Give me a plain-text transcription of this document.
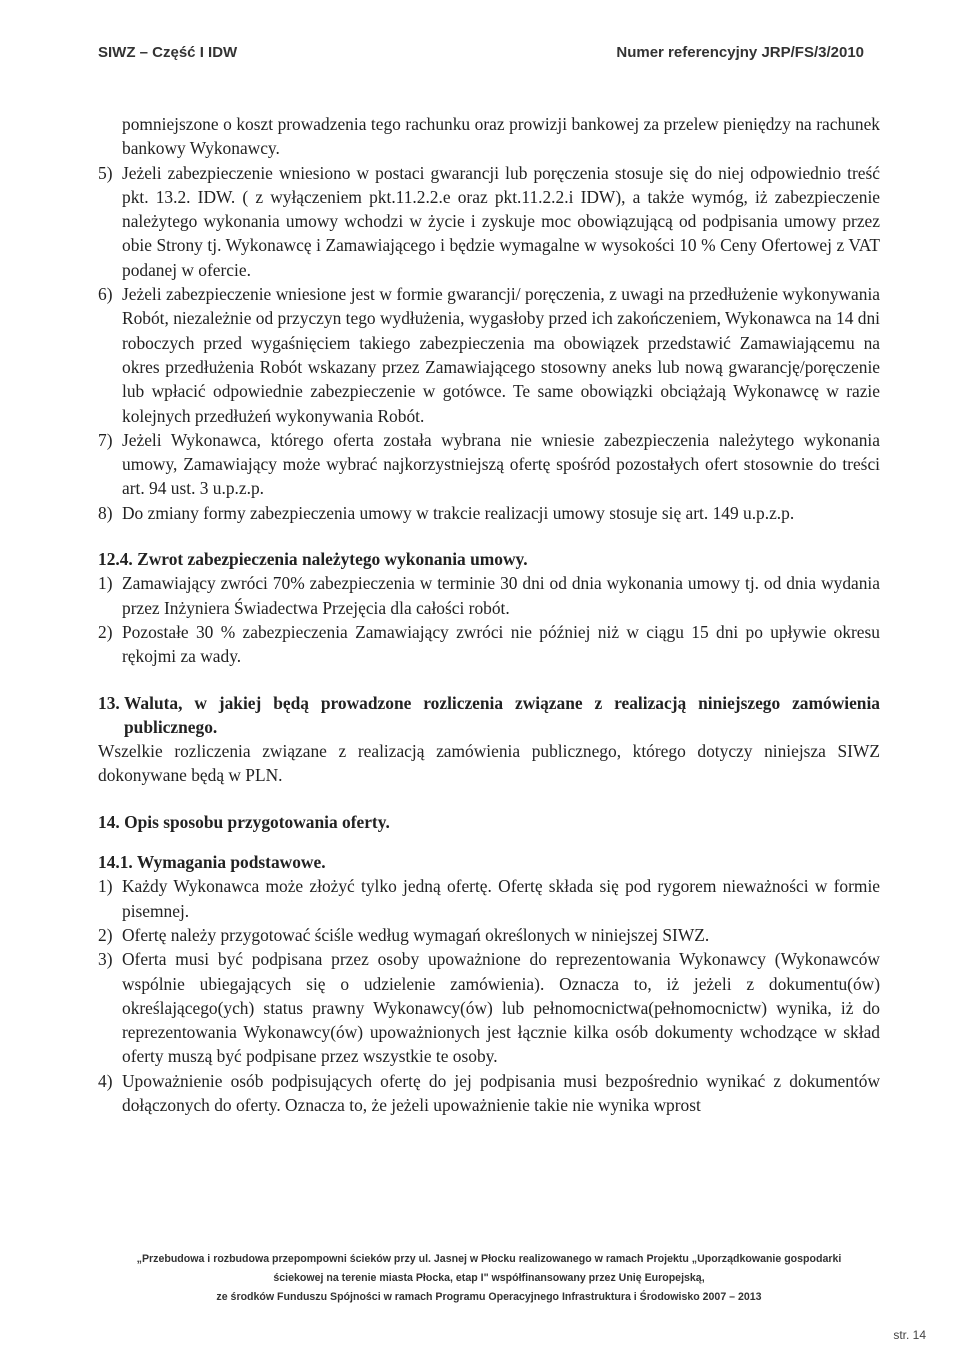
SIWZ – Część I IDW	Numer referencyjny JRP/FS/3/2010

pomniejszone o koszt prowadzenia tego rachunku oraz prowizji bankowej za przelew pieniędzy na rachunek bankowy Wykonawcy.

5) Jeżeli zabezpieczenie wniesiono w postaci gwarancji lub poręczenia stosuje się do niej odpowiednio treść pkt. 13.2. IDW. ( z wyłączeniem pkt.11.2.2.e oraz pkt.11.2.2.i IDW), a także wymóg, iż zabezpieczenie należytego wykonania umowy wchodzi w życie i zyskuje moc obowiązującą od podpisania umowy przez obie Strony tj. Wykonawcę i Zamawiającego i będzie wymagalne w wysokości 10 % Ceny Ofertowej z VAT podanej w ofercie.

6) Jeżeli zabezpieczenie wniesione jest w formie gwarancji/ poręczenia, z uwagi na przedłużenie wykonywania Robót, niezależnie od przyczyn tego wydłużenia, wygasłoby przed ich zakończeniem, Wykonawca na 14 dni roboczych przed wygaśnięciem takiego zabezpieczenia ma obowiązek przedstawić Zamawiającemu na okres przedłużenia Robót wskazany przez Zamawiającego stosowny aneks lub nową gwarancję/poręczenie lub wpłacić odpowiednie zabezpieczenie w gotówce. Te same obowiązki obciążają Wykonawcę w razie kolejnych przedłużeń wykonywania Robót.

7) Jeżeli Wykonawca, którego oferta została wybrana nie wniesie zabezpieczenia należytego wykonania umowy, Zamawiający może wybrać najkorzystniejszą ofertę spośród pozostałych ofert stosownie do treści art. 94 ust. 3 u.p.z.p.

8) Do zmiany formy zabezpieczenia umowy w trakcie realizacji umowy stosuje się art. 149 u.p.z.p.

12.4. Zwrot zabezpieczenia należytego wykonania umowy.

1) Zamawiający zwróci 70% zabezpieczenia w terminie 30 dni od dnia wykonania umowy tj. od dnia wydania przez Inżyniera Świadectwa Przejęcia dla całości robót.

2) Pozostałe 30 % zabezpieczenia Zamawiający zwróci nie później niż w ciągu 15 dni po upływie okresu rękojmi za wady.

13. Waluta, w jakiej będą prowadzone rozliczenia związane z realizacją niniejszego zamówienia publicznego.

Wszelkie rozliczenia związane z realizacją zamówienia publicznego, którego dotyczy niniejsza SIWZ dokonywane będą w PLN.

14. Opis sposobu przygotowania oferty.

14.1. Wymagania podstawowe.

1) Każdy Wykonawca może złożyć tylko jedną ofertę. Ofertę składa się pod rygorem nieważności w formie pisemnej.

2) Ofertę należy przygotować ściśle według wymagań określonych w niniejszej SIWZ.

3) Oferta musi być podpisana przez osoby upoważnione do reprezentowania Wykonawcy (Wykonawców wspólnie ubiegających się o udzielenie zamówienia). Oznacza to, iż jeżeli z dokumentu(ów) określającego(ych) status prawny Wykonawcy(ów) lub pełnomocnictwa(pełnomocnictw) wynika, iż do reprezentowania Wykonawcy(ów) upoważnionych jest łącznie kilka osób dokumenty wchodzące w skład oferty muszą być podpisane przez wszystkie te osoby.

4) Upoważnienie osób podpisujących ofertę do jej podpisania musi bezpośrednio wynikać z dokumentów dołączonych do oferty. Oznacza to, że jeżeli upoważnienie takie nie wynika wprost

„Przebudowa i rozbudowa przepompowni ścieków przy ul. Jasnej w Płocku realizowanego w ramach Projektu „Uporządkowanie gospodarki
ściekowej na terenie miasta Płocka, etap I" współfinansowany przez Unię Europejską,
ze środków Funduszu Spójności w ramach Programu Operacyjnego Infrastruktura i Środowisko 2007 – 2013
str. 14
